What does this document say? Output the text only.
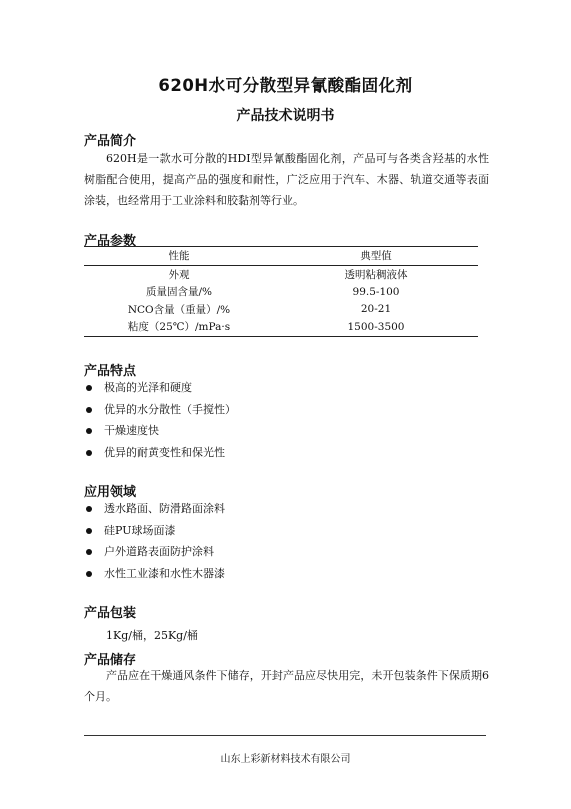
620H水可分散型异氰酸酯固化剂
产品技术说明书
产品简介
620H是一款水可分散的HDI型异氰酸酯固化剂，产品可与各类含羟基的水性树脂配合使用，提高产品的强度和耐性，广泛应用于汽车、木器、轨道交通等表面涂装，也经常用于工业涂料和胶黏剂等行业。
产品参数
性能	典型值
外观	透明粘稠液体
质量固含量/%	99.5-100
NCO含量（重量）/%	20-21
粘度（25℃）/mPa·s	1500-3500
产品特点
极高的光泽和硬度
优异的水分散性（手搅性）
干燥速度快
优异的耐黄变性和保光性
应用领域
透水路面、防滑路面涂料
硅PU球场面漆
户外道路表面防护涂料
水性工业漆和水性木器漆
产品包装
1Kg/桶，25Kg/桶
产品储存
产品应在干燥通风条件下储存，开封产品应尽快用完，未开包装条件下保质期6个月。
山东上彩新材料技术有限公司
